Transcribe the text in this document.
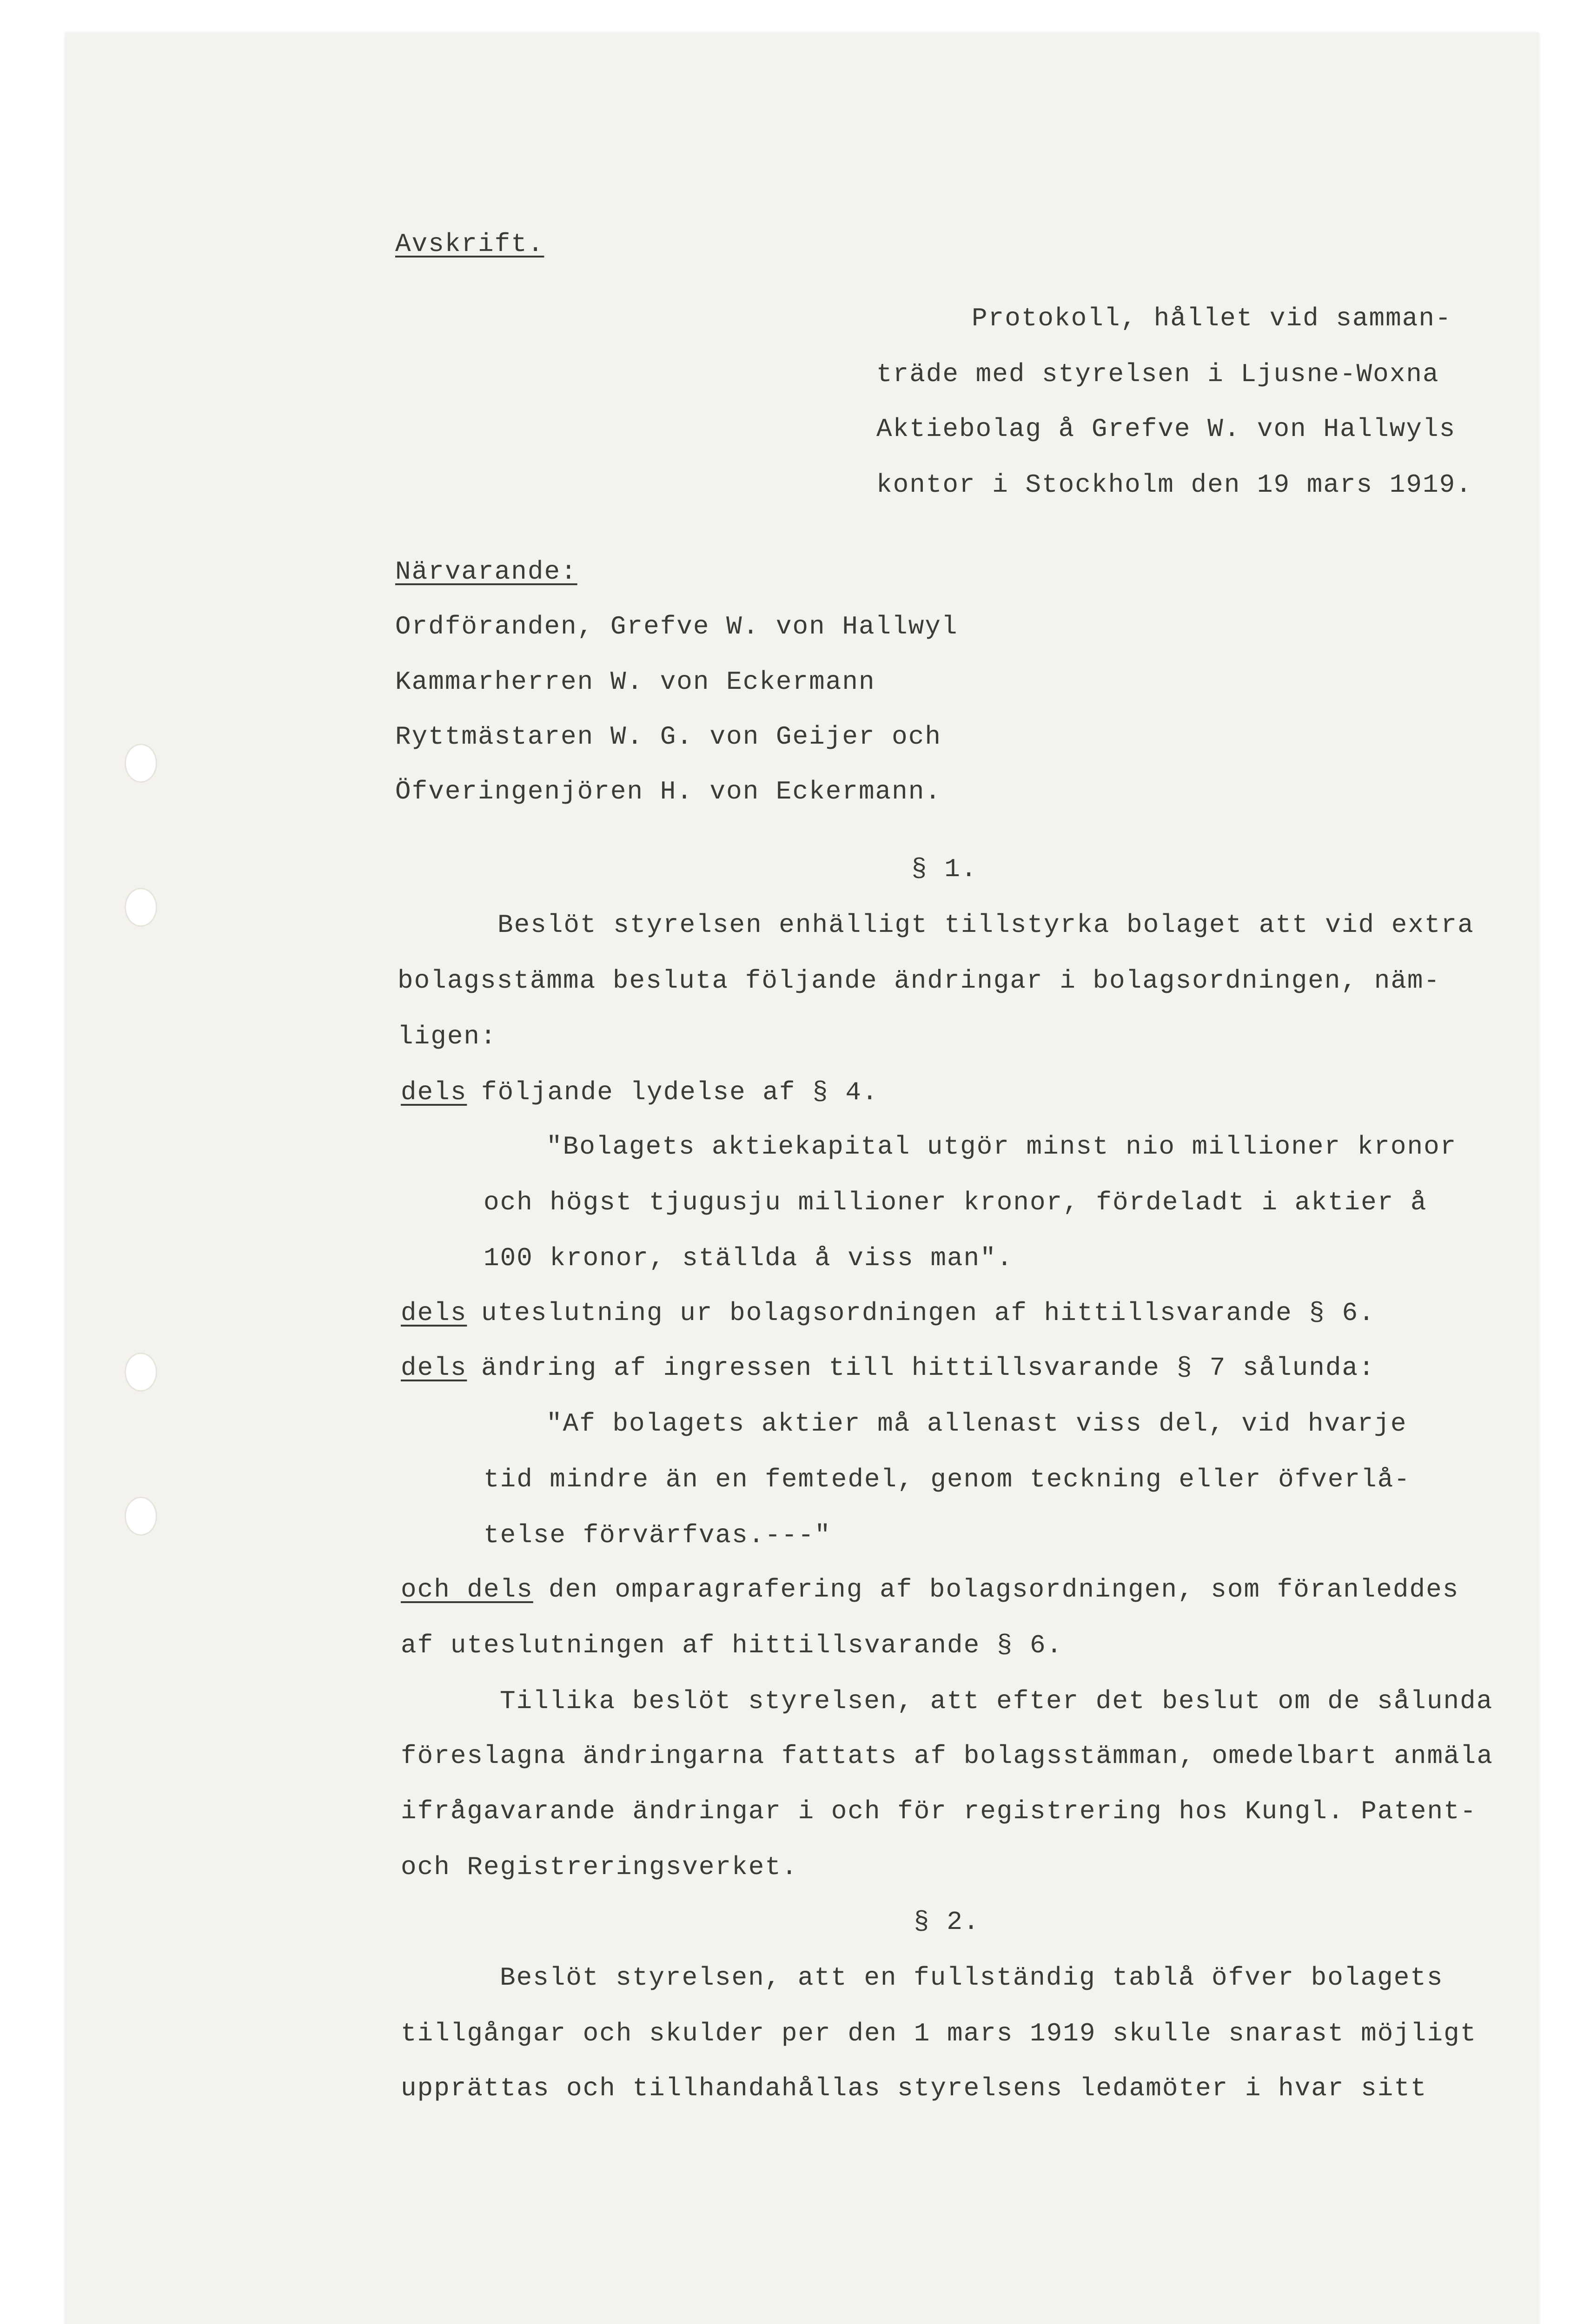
Avskrift.
Protokoll, hållet vid samman-
träde med styrelsen i Ljusne-Woxna
Aktiebolag å Grefve W. von Hallwyls
kontor i Stockholm den 19 mars 1919.
Närvarande:
Ordföranden, Grefve W. von Hallwyl
Kammarherren W. von Eckermann
Ryttmästaren W. G. von Geijer och
Öfveringenjören H. von Eckermann.
§ 1.
Beslöt styrelsen enhälligt tillstyrka bolaget att vid extra
bolagsstämma besluta följande ändringar i bolagsordningen, näm-
ligen:
dels följande lydelse af § 4.
"Bolagets aktiekapital utgör minst nio millioner kronor
och högst tjugusju millioner kronor, fördeladt i aktier å
100 kronor, ställda å viss man".
dels uteslutning ur bolagsordningen af hittillsvarande § 6.
dels ändring af ingressen till hittillsvarande § 7 sålunda:
"Af bolagets aktier må allenast viss del, vid hvarje
tid mindre än en femtedel, genom teckning eller öfverlå-
telse förvärfvas.---"
och dels den omparagrafering af bolagsordningen, som föranleddes
af uteslutningen af hittillsvarande § 6.
Tillika beslöt styrelsen, att efter det beslut om de sålunda
föreslagna ändringarna fattats af bolagsstämman, omedelbart anmäla
ifrågavarande ändringar i och för registrering hos Kungl. Patent-
och Registreringsverket.
§ 2.
Beslöt styrelsen, att en fullständig tablå öfver bolagets
tillgångar och skulder per den 1 mars 1919 skulle snarast möjligt
upprättas och tillhandahållas styrelsens ledamöter i hvar sitt
